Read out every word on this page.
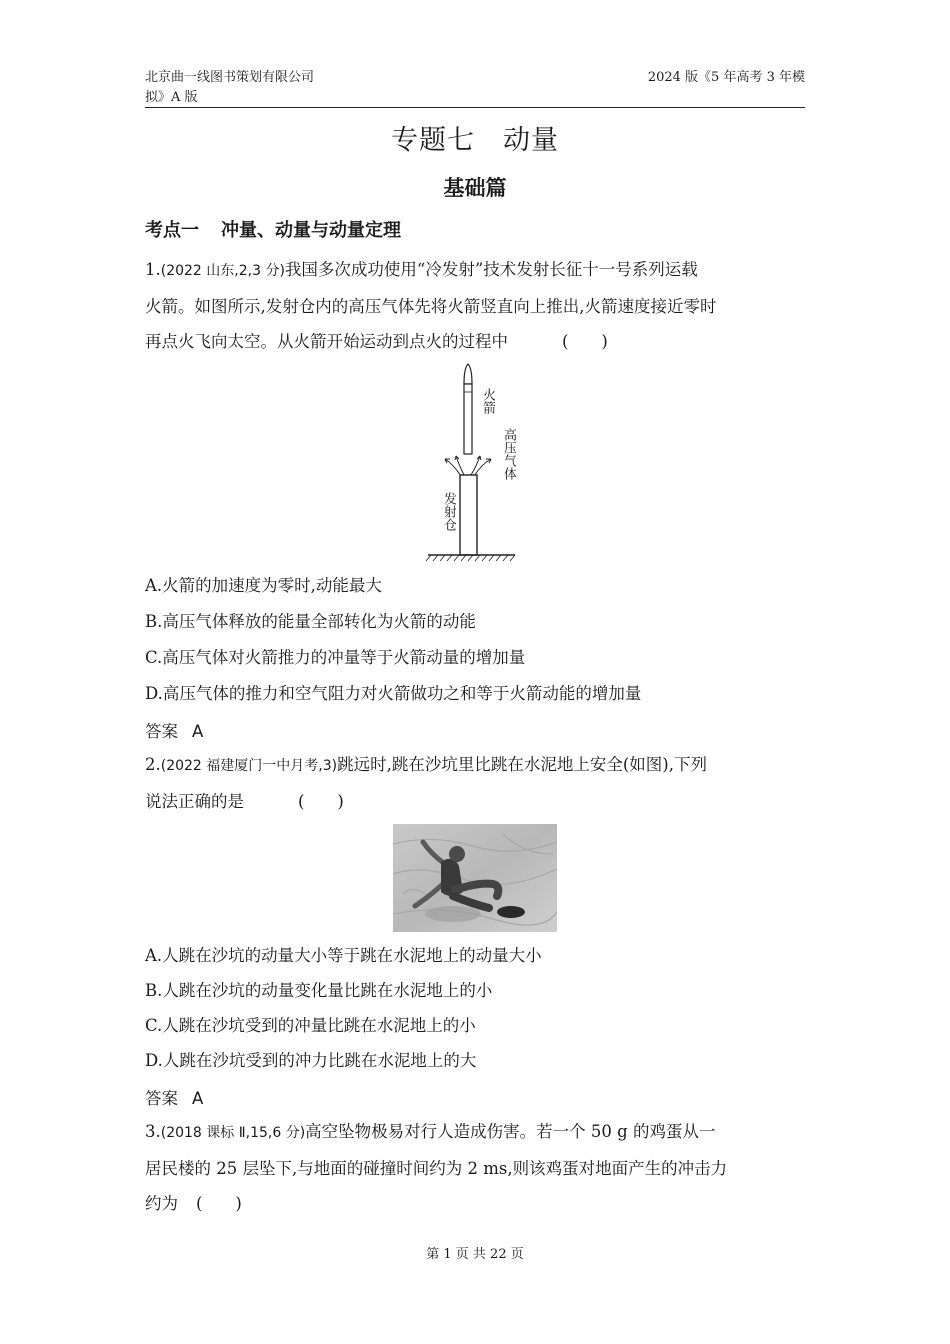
北京曲一线图书策划有限公司
拟》A 版
2024 版《5 年高考 3 年模
专题七　动量
基础篇
考点一 冲量、动量与动量定理
1.(2022 山东,2,3 分)我国多次成功使用“冷发射”技术发射长征十一号系列运载
火箭。如图所示,发射仓内的高压气体先将火箭竖直向上推出,火箭速度接近零时
再点火飞向太空。从火箭开始运动到点火的过程中	(　　)
火箭
高压气体
发射仓
A.火箭的加速度为零时,动能最大
B.高压气体释放的能量全部转化为火箭的动能
C.高压气体对火箭推力的冲量等于火箭动量的增加量
D.高压气体的推力和空气阻力对火箭做功之和等于火箭动能的增加量
答案 A
2.(2022 福建厦门一中月考,3)跳远时,跳在沙坑里比跳在水泥地上安全(如图),下列
说法正确的是	(　　)
A.人跳在沙坑的动量大小等于跳在水泥地上的动量大小
B.人跳在沙坑的动量变化量比跳在水泥地上的小
C.人跳在沙坑受到的冲量比跳在水泥地上的小
D.人跳在沙坑受到的冲力比跳在水泥地上的大
答案 A
3.(2018 课标 Ⅱ,15,6 分)高空坠物极易对行人造成伤害。若一个 50 g 的鸡蛋从一
居民楼的 25 层坠下,与地面的碰撞时间约为 2 ms,则该鸡蛋对地面产生的冲击力
约为 (　　)
第 1 页 共 22 页
